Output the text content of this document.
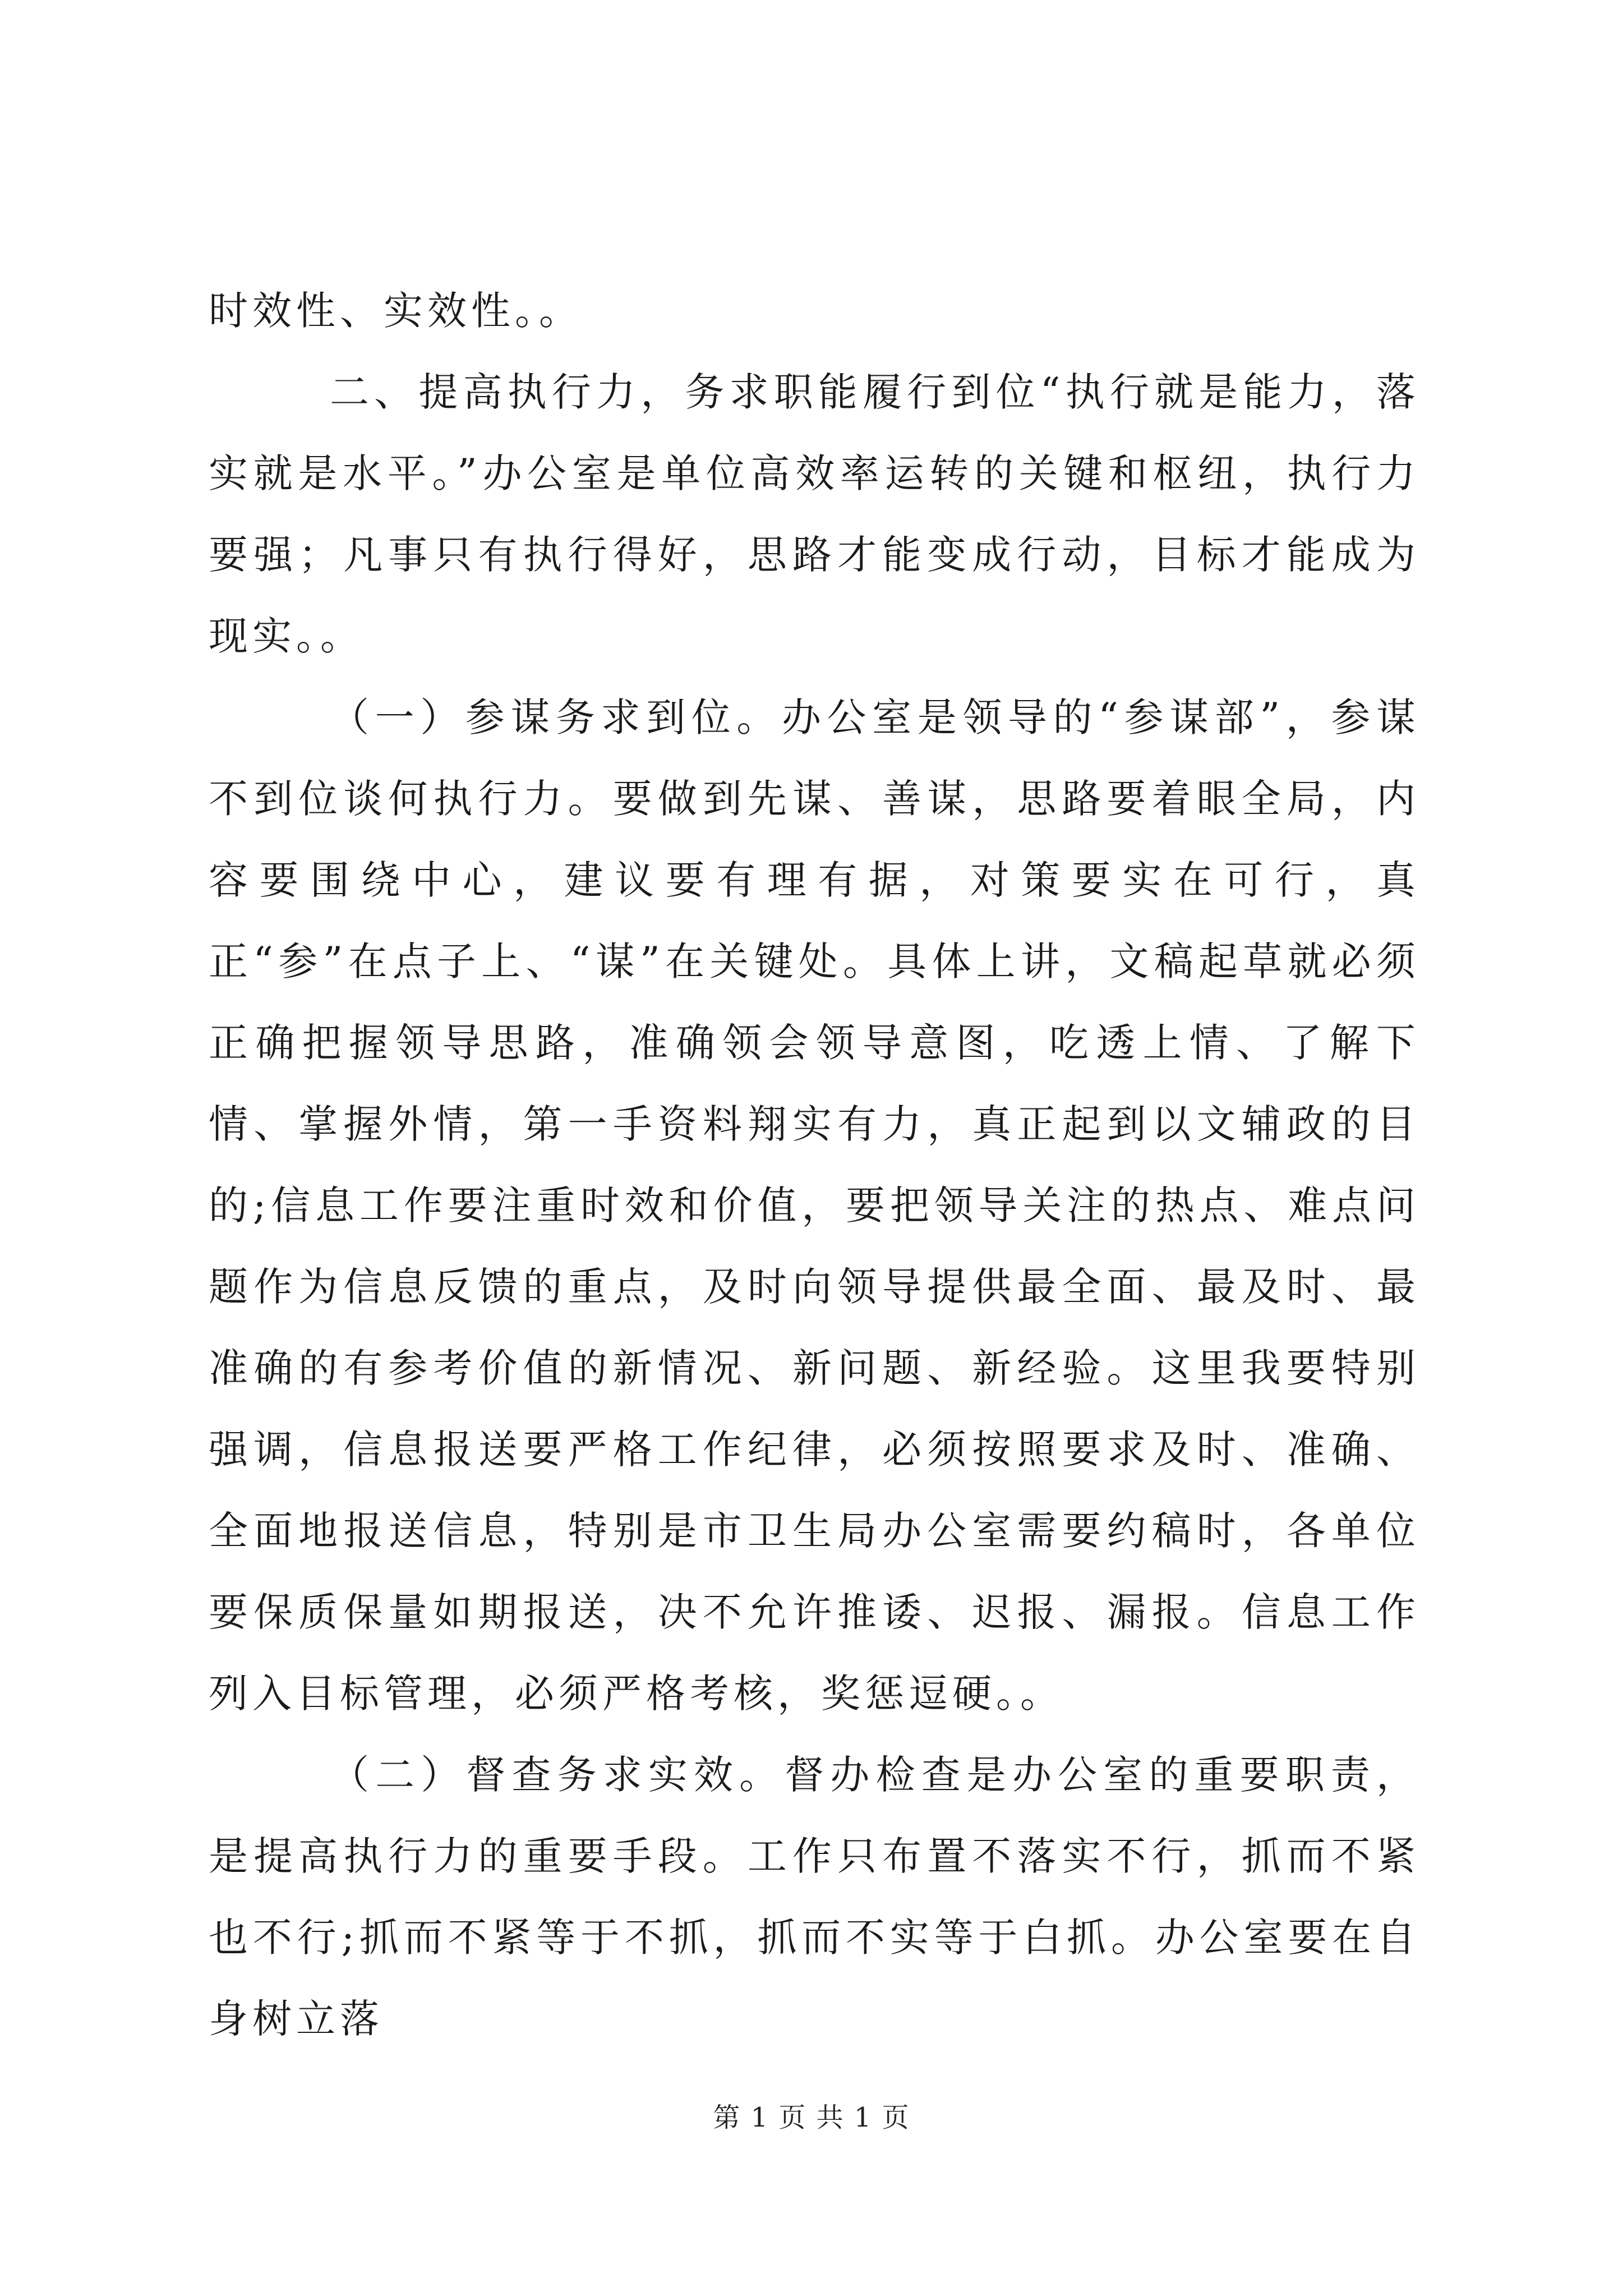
时效性、实效性。。

二、提高执行力，务求职能履行到位“执行就是能力，落实就是水平。”办公室是单位高效率运转的关键和枢纽，执行力要强；凡事只有执行得好，思路才能变成行动，目标才能成为现实。。

（一）参谋务求到位。办公室是领导的“参谋部”，参谋不到位谈何执行力。要做到先谋、善谋，思路要着眼全局，内容要围绕中心，建议要有理有据，对策要实在可行，真正“参”在点子上、“谋”在关键处。具体上讲，文稿起草就必须正确把握领导思路，准确领会领导意图，吃透上情、了解下情、掌握外情，第一手资料翔实有力，真正起到以文辅政的目的;信息工作要注重时效和价值，要把领导关注的热点、难点问题作为信息反馈的重点，及时向领导提供最全面、最及时、最准确的有参考价值的新情况、新问题、新经验。这里我要特别强调，信息报送要严格工作纪律，必须按照要求及时、准确、全面地报送信息，特别是市卫生局办公室需要约稿时，各单位要保质保量如期报送，决不允许推诿、迟报、漏报。信息工作列入目标管理，必须严格考核，奖惩逗硬。。

（二）督查务求实效。督办检查是办公室的重要职责，是提高执行力的重要手段。工作只布置不落实不行，抓而不紧也不行;抓而不紧等于不抓，抓而不实等于白抓。办公室要在自身树立落

第 1 页 共 1 页
